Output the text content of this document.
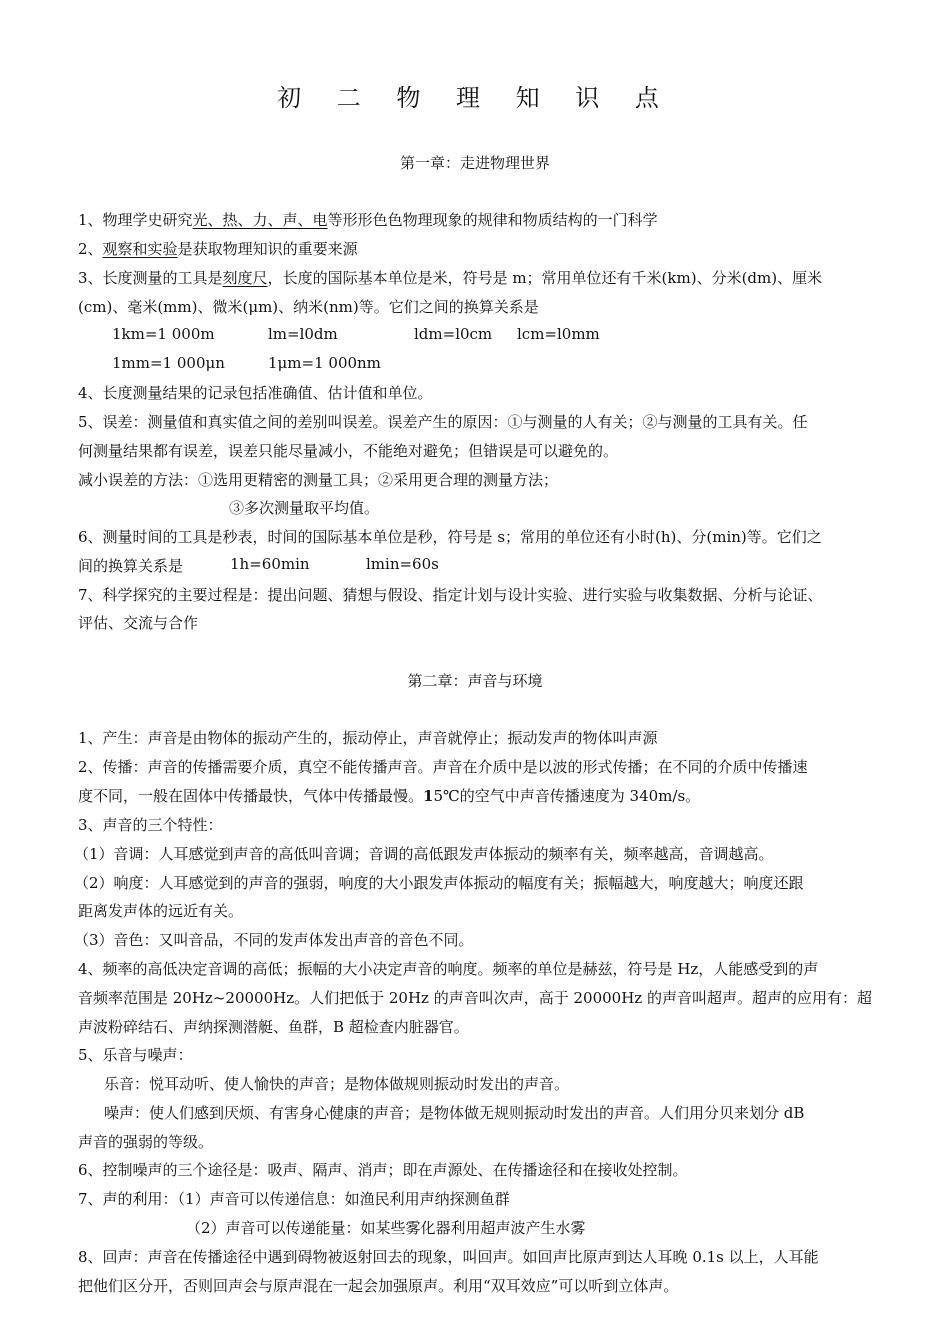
初 二 物 理 知 识 点
第一章：走进物理世界
1、物理学史研究光、热、力、声、电等形形色色物理现象的规律和物质结构的一门科学
2、观察和实验是获取物理知识的重要来源
3、长度测量的工具是刻度尺，长度的国际基本单位是米，符号是 m；常用单位还有千米(km)、分米(dm)、厘米
(cm)、毫米(mm)、微米(μm)、纳米(nm)等。它们之间的换算关系是
1km=1 000m	lm=l0dm	ldm=l0cm lcm=l0mm
1mm=1 000μn	1μm=1 000nm
4、长度测量结果的记录包括准确值、估计值和单位。
5、误差：测量值和真实值之间的差别叫误差。误差产生的原因：①与测量的人有关；②与测量的工具有关。任
何测量结果都有误差，误差只能尽量减小，不能绝对避免；但错误是可以避免的。
减小误差的方法：①选用更精密的测量工具；②采用更合理的测量方法；
③多次测量取平均值。
6、测量时间的工具是秒表，时间的国际基本单位是秒，符号是 s；常用的单位还有小时(h)、分(min)等。它们之
间的换算关系是	1h=60min	lmin=60s
7、科学探究的主要过程是：提出问题、猜想与假设、指定计划与设计实验、进行实验与收集数据、分析与论证、
评估、交流与合作
第二章：声音与环境
1、产生：声音是由物体的振动产生的，振动停止，声音就停止；振动发声的物体叫声源
2、传播：声音的传播需要介质，真空不能传播声音。声音在介质中是以波的形式传播；在不同的介质中传播速
度不同，一般在固体中传播最快，气体中传播最慢。15℃的空气中声音传播速度为 340m/s。
3、声音的三个特性：
（1）音调：人耳感觉到声音的高低叫音调；音调的高低跟发声体振动的频率有关，频率越高，音调越高。
（2）响度：人耳感觉到的声音的强弱，响度的大小跟发声体振动的幅度有关；振幅越大，响度越大；响度还跟
距离发声体的远近有关。
（3）音色：又叫音品，不同的发声体发出声音的音色不同。
4、频率的高低决定音调的高低；振幅的大小决定声音的响度。频率的单位是赫兹，符号是 Hz，人能感受到的声
音频率范围是 20Hz~20000Hz。人们把低于 20Hz 的声音叫次声，高于 20000Hz 的声音叫超声。超声的应用有：超
声波粉碎结石、声纳探测潜艇、鱼群，B 超检查内脏器官。
5、乐音与噪声：
乐音：悦耳动听、使人愉快的声音；是物体做规则振动时发出的声音。
噪声：使人们感到厌烦、有害身心健康的声音；是物体做无规则振动时发出的声音。人们用分贝来划分 dB
声音的强弱的等级。
6、控制噪声的三个途径是：吸声、隔声、消声；即在声源处、在传播途径和在接收处控制。
7、声的利用：（1）声音可以传递信息：如渔民利用声纳探测鱼群
（2）声音可以传递能量：如某些雾化器利用超声波产生水雾
8、回声：声音在传播途径中遇到碍物被返射回去的现象，叫回声。如回声比原声到达人耳晚 0.1s 以上，人耳能
把他们区分开，否则回声会与原声混在一起会加强原声。利用“双耳效应”可以听到立体声。
